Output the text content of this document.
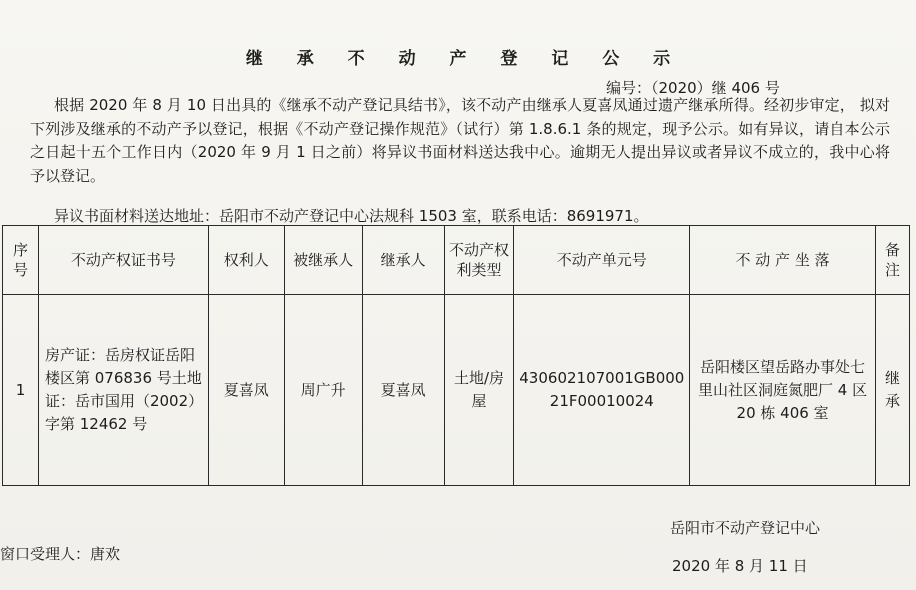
继 承 不 动 产 登 记 公 示
编号：（2020）继 406 号

根据 2020 年 8 月 10 日出具的《继承不动产登记具结书》，该不动产由继承人夏喜凤通过遗产继承所得。经初步审定， 拟对下列涉及继承的不动产予以登记，根据《不动产登记操作规范》（试行）第 1.8.6.1 条的规定，现予公示。如有异议，请自本公示之日起十五个工作日内（2020 年 9 月 1 日之前）将异议书面材料送达我中心。逾期无人提出异议或者异议不成立的，我中心将予以登记。

异议书面材料送达地址：岳阳市不动产登记中心法规科 1503 室，联系电话：8691971。
序号	不动产权证书号	权利人	被继承人	继承人	不动产权利类型	不动产单元号	不 动 产 坐 落	备注
1	房产证：岳房权证岳阳楼区第 076836 号土地证：岳市国用（2002）字第 12462 号	夏喜凤	周广升	夏喜凤	土地/房屋	430602107001GB00021F00010024	岳阳楼区望岳路办事处七里山社区洞庭氮肥厂 4 区 20 栋 406 室	继承
岳阳市不动产登记中心
2020 年 8 月 11 日
窗口受理人：唐欢
